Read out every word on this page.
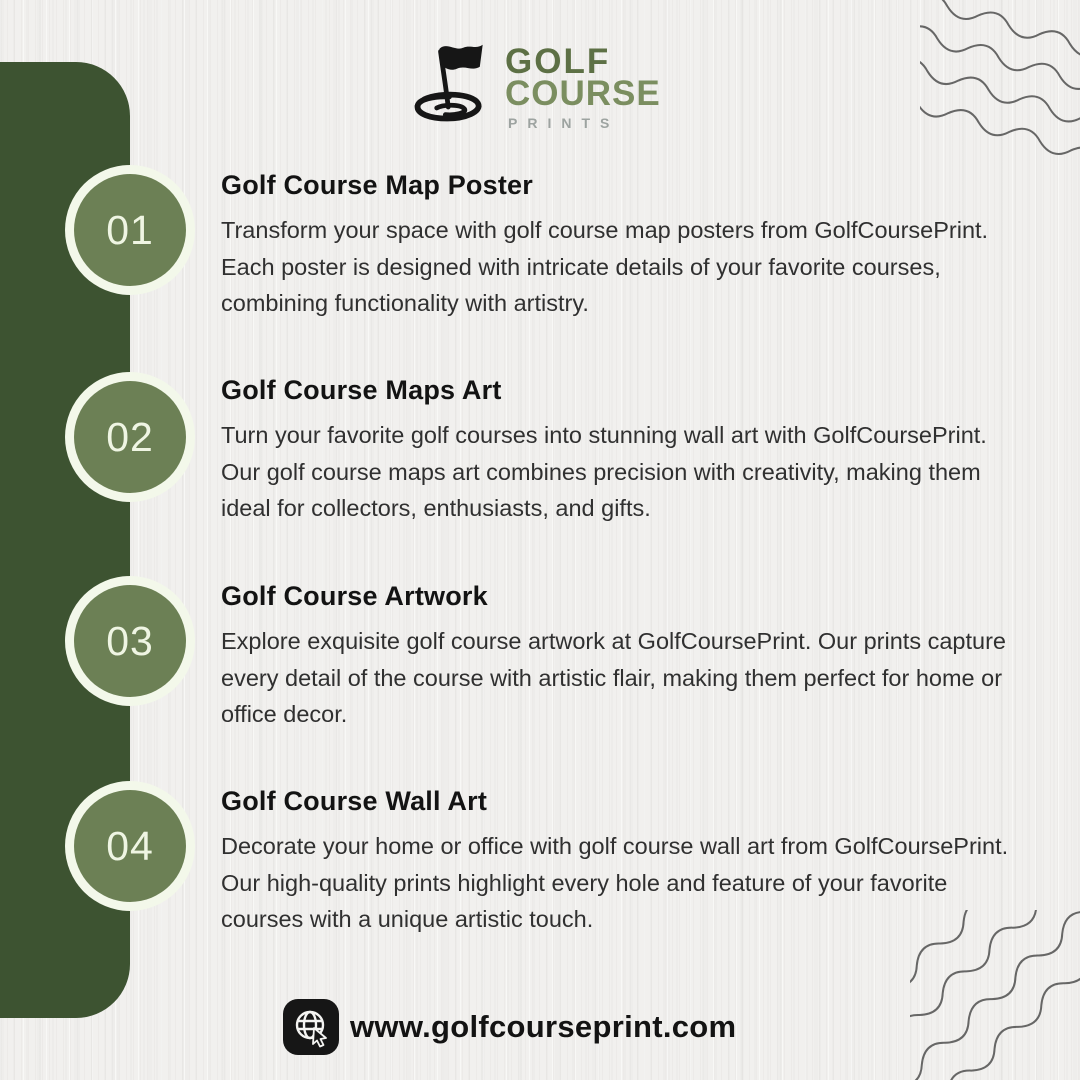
01
02
03
04
GOLF
COURSE
PRINTS
Golf Course Map Poster

Transform your space with golf course map posters from GolfCoursePrint. Each poster is designed with intricate details of your favorite courses, combining functionality with artistry.

Golf Course Maps Art

Turn your favorite golf courses into stunning wall art with GolfCoursePrint. Our golf course maps art combines precision with creativity, making them ideal for collectors, enthusiasts, and gifts.

Golf Course Artwork

Explore exquisite golf course artwork at GolfCoursePrint. Our prints capture every detail of the course with artistic flair, making them perfect for home or office decor.

Golf Course Wall Art

Decorate your home or office with golf course wall art from GolfCoursePrint. Our high-quality prints highlight every hole and feature of your favorite courses with a unique artistic touch.

www.golfcourseprint.com
